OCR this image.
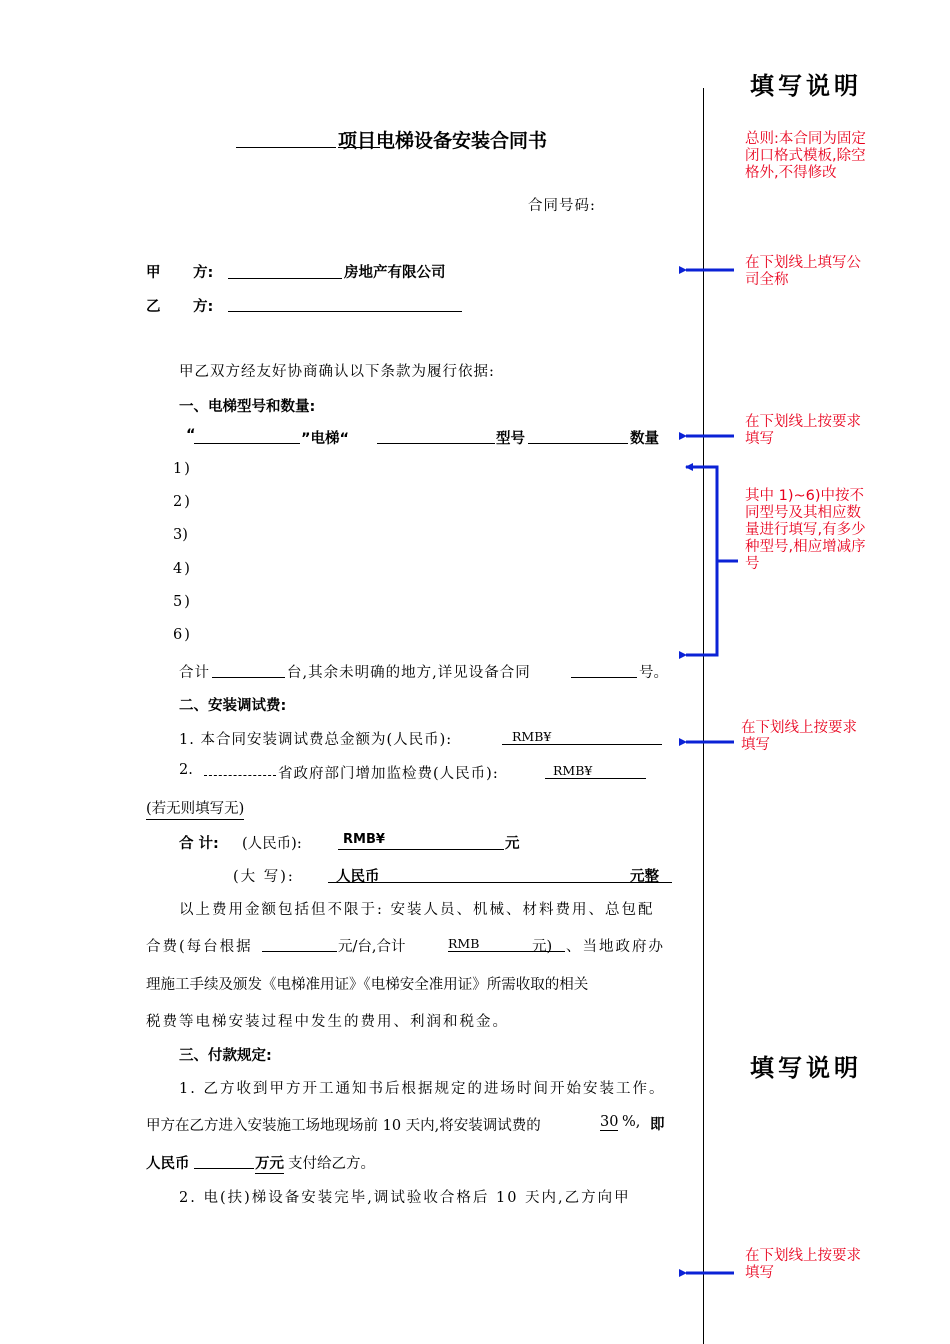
填写说明
填写说明
项目电梯设备安装合同书
合同号码:
甲 方:	房地产有限公司
乙 方:
甲乙双方经友好协商确认以下条款为履行依据:
一、电梯型号和数量:
“	”电梯“	型号	数量
1)
2)
3)
4)
5)
6)
合计	台,其余未明确的地方,详见设备合同	号。
二、安装调试费:
1. 本合同安装调试费总金额为(人民币):	RMB¥
2.	省政府部门增加监检费(人民币):	RMB¥
(若无则填写无)
合 计: (人民币):	RMB¥	元
(大 写):	人民币	元整
以上费用金额包括但不限于: 安装人员、机械、材料费用、总包配
合费(每台根据	元/台,合计	RMB	元) 、当地政府办
理施工手续及颁发《电梯准用证》《电梯安全准用证》所需收取的相关
税费等电梯安装过程中发生的费用、利润和税金。
三、付款规定:
1. 乙方收到甲方开工通知书后根据规定的进场时间开始安装工作。
甲方在乙方进入安装施工场地现场前 10 天内,将安装调试费的	30 %, 即
人民币	万元 支付给乙方。
2. 电(扶)梯设备安装完毕,调试验收合格后 10 天内,乙方向甲
总则:本合同为固定闭口格式模板,除空格外,不得修改
在下划线上填写公司全称
在下划线上按要求填写
其中 1)~6)中按不同型号及其相应数量进行填写,有多少种型号,相应增减序号
在下划线上按要求填写
在下划线上按要求填写
